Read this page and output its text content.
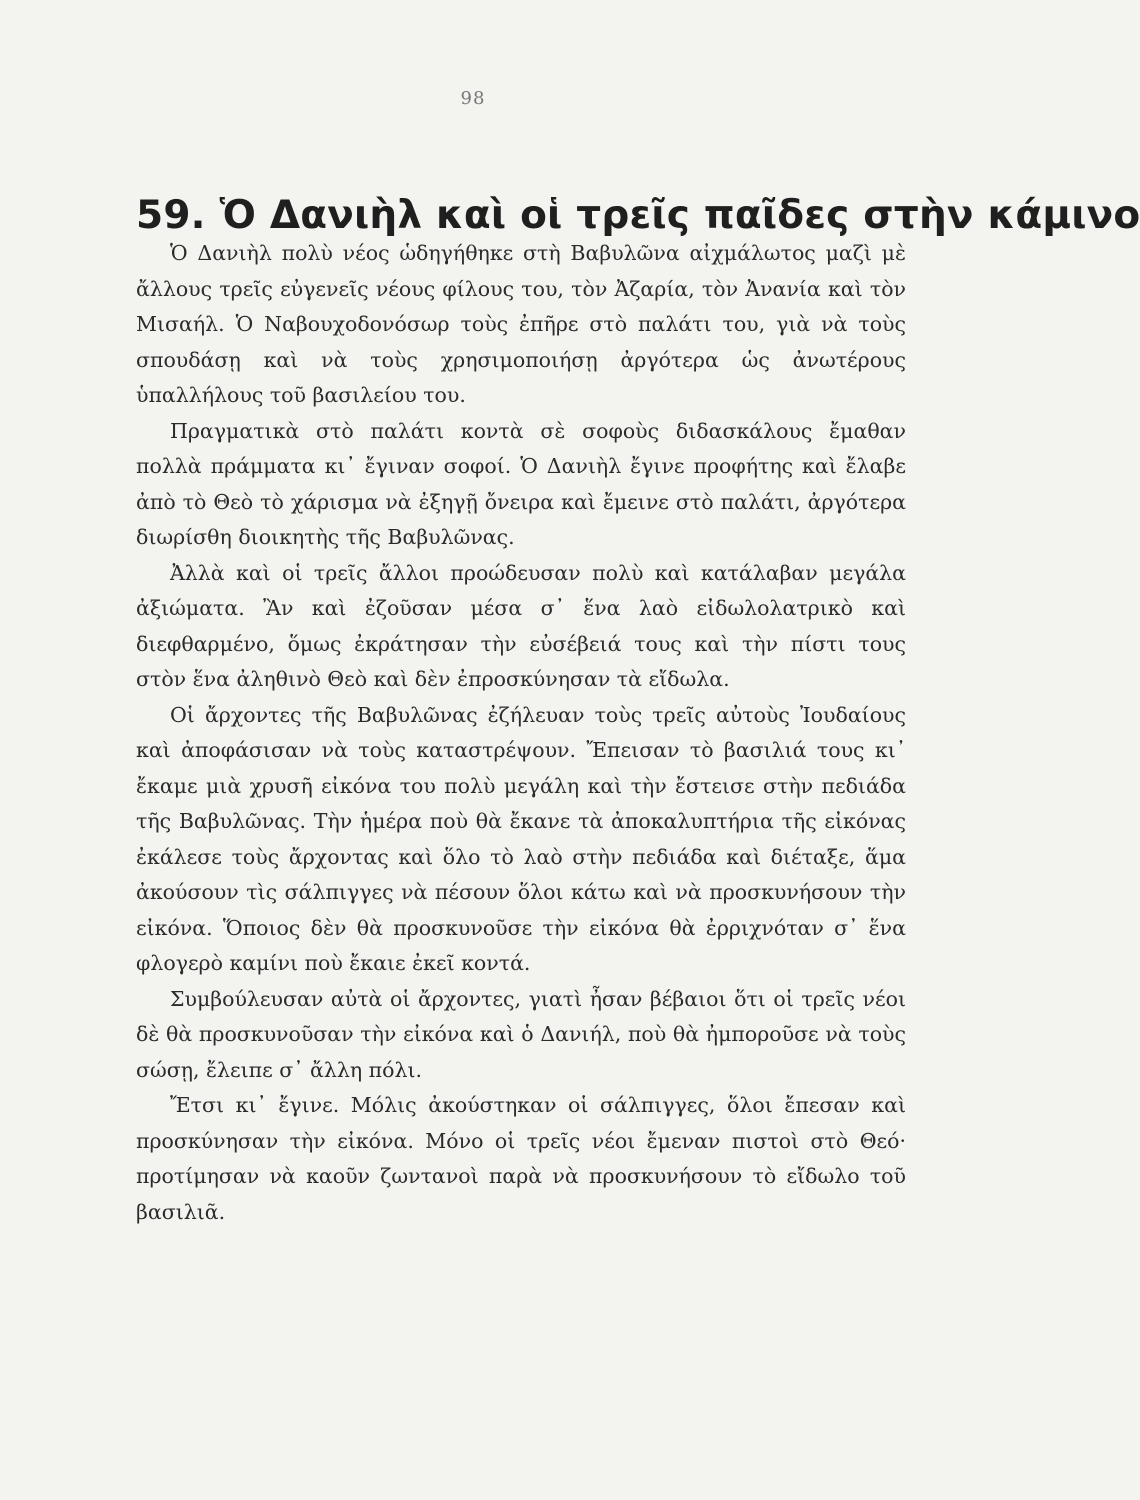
98
59. Ὁ Δανιὴλ καὶ οἱ τρεῖς παῖδες στὴν κάμινο

Ὁ Δανιὴλ πολὺ νέος ὡδηγήθηκε στὴ Βαβυλῶνα αἰχμάλωτος μαζὶ μὲ ἄλλους τρεῖς εὐγενεῖς νέους φίλους του, τὸν Ἀζαρία, τὸν Ἀνανία καὶ τὸν Μισαήλ. Ὁ Ναβουχοδονόσωρ τοὺς ἐπῆρε στὸ παλάτι του, γιὰ νὰ τοὺς σπουδάσῃ καὶ νὰ τοὺς χρησιμοποιήσῃ ἀργότερα ὡς ἀνωτέρους ὑπαλλήλους τοῦ βασιλείου του.

Πραγματικὰ στὸ παλάτι κοντὰ σὲ σοφοὺς διδασκάλους ἔμαθαν πολλὰ πράμματα κι᾽ ἔγιναν σοφοί. Ὁ Δανιὴλ ἔγινε προφήτης καὶ ἔλαβε ἀπὸ τὸ Θεὸ τὸ χάρισμα νὰ ἐξηγῇ ὄνειρα καὶ ἔμεινε στὸ παλάτι, ἀργότερα διωρίσθη διοικητὴς τῆς Βαβυλῶνας.

Ἀλλὰ καὶ οἱ τρεῖς ἄλλοι προώδευσαν πολὺ καὶ κατάλαβαν μεγάλα ἀξιώματα. Ἂν καὶ ἐζοῦσαν μέσα σ᾽ ἕνα λαὸ εἰδωλολατρικὸ καὶ διεφθαρμένο, ὅμως ἐκράτησαν τὴν εὐσέβειά τους καὶ τὴν πίστι τους στὸν ἕνα ἀληθινὸ Θεὸ καὶ δὲν ἐπροσκύνησαν τὰ εἴδωλα.

Οἱ ἄρχοντες τῆς Βαβυλῶνας ἐζήλευαν τοὺς τρεῖς αὐτοὺς Ἰουδαίους καὶ ἀποφάσισαν νὰ τοὺς καταστρέψουν. Ἔπεισαν τὸ βασιλιά τους κι᾽ ἔκαμε μιὰ χρυσῆ εἰκόνα του πολὺ μεγάλη καὶ τὴν ἔστεισε στὴν πεδιάδα τῆς Βαβυλῶνας. Τὴν ἡμέρα ποὺ θὰ ἔκανε τὰ ἀποκαλυπτήρια τῆς εἰκόνας ἐκάλεσε τοὺς ἄρχοντας καὶ ὅλο τὸ λαὸ στὴν πεδιάδα καὶ διέταξε, ἅμα ἀκούσουν τὶς σάλπιγγες νὰ πέσουν ὅλοι κάτω καὶ νὰ προσκυνήσουν τὴν εἰκόνα. Ὅποιος δὲν θὰ προσκυνοῦσε τὴν εἰκόνα θὰ ἐρριχνόταν σ᾽ ἕνα φλογερὸ καμίνι ποὺ ἔκαιε ἐκεῖ κοντά.

Συμβούλευσαν αὐτὰ οἱ ἄρχοντες, γιατὶ ἦσαν βέβαιοι ὅτι οἱ τρεῖς νέοι δὲ θὰ προσκυνοῦσαν τὴν εἰκόνα καὶ ὁ Δανιήλ, ποὺ θὰ ἠμποροῦσε νὰ τοὺς σώσῃ, ἔλειπε σ᾽ ἄλλη πόλι.

Ἔτσι κι᾽ ἔγινε. Μόλις ἀκούστηκαν οἱ σάλπιγγες, ὅλοι ἔπεσαν καὶ προσκύνησαν τὴν εἰκόνα. Μόνο οἱ τρεῖς νέοι ἔμεναν πιστοὶ στὸ Θεό· προτίμησαν νὰ καοῦν ζωντανοὶ παρὰ νὰ προσκυνήσουν τὸ εἴδωλο τοῦ βασιλιᾶ.
